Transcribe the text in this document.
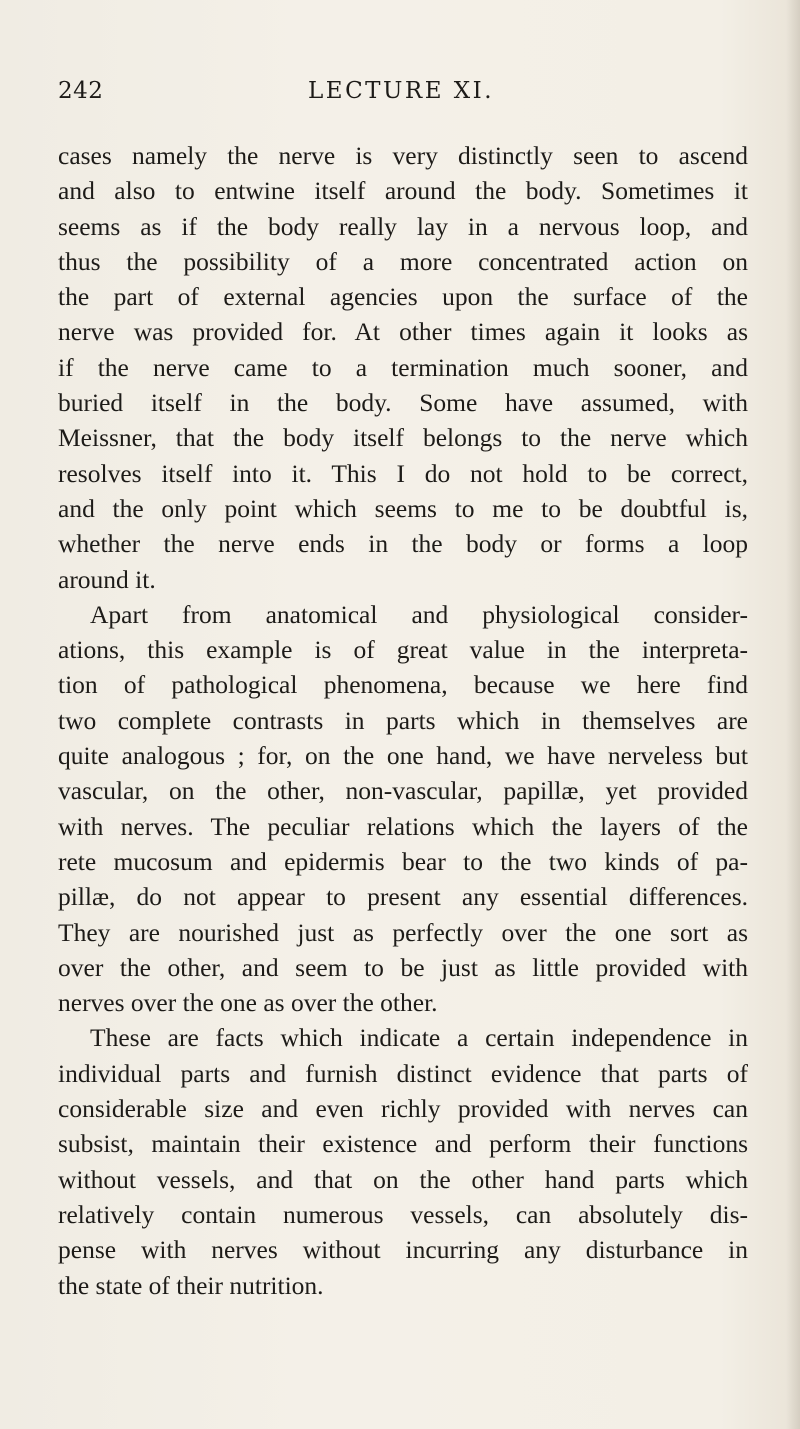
242	LECTURE XI.
cases namely the nerve is very distinctly seen to ascend
and also to entwine itself around the body. Sometimes it
seems as if the body really lay in a nervous loop, and
thus the possibility of a more concentrated action on
the part of external agencies upon the surface of the
nerve was provided for. At other times again it looks as
if the nerve came to a termination much sooner, and
buried itself in the body. Some have assumed, with
Meissner, that the body itself belongs to the nerve which
resolves itself into it. This I do not hold to be correct,
and the only point which seems to me to be doubtful is,
whether the nerve ends in the body or forms a loop
around it.
Apart from anatomical and physiological consider-
ations, this example is of great value in the interpreta-
tion of pathological phenomena, because we here find
two complete contrasts in parts which in themselves are
quite analogous ; for, on the one hand, we have nerveless but
vascular, on the other, non-vascular, papillæ, yet provided
with nerves. The peculiar relations which the layers of the
rete mucosum and epidermis bear to the two kinds of pa-
pillæ, do not appear to present any essential differences.
They are nourished just as perfectly over the one sort as
over the other, and seem to be just as little provided with
nerves over the one as over the other.
These are facts which indicate a certain independence in
individual parts and furnish distinct evidence that parts of
considerable size and even richly provided with nerves can
subsist, maintain their existence and perform their functions
without vessels, and that on the other hand parts which
relatively contain numerous vessels, can absolutely dis-
pense with nerves without incurring any disturbance in
the state of their nutrition.
